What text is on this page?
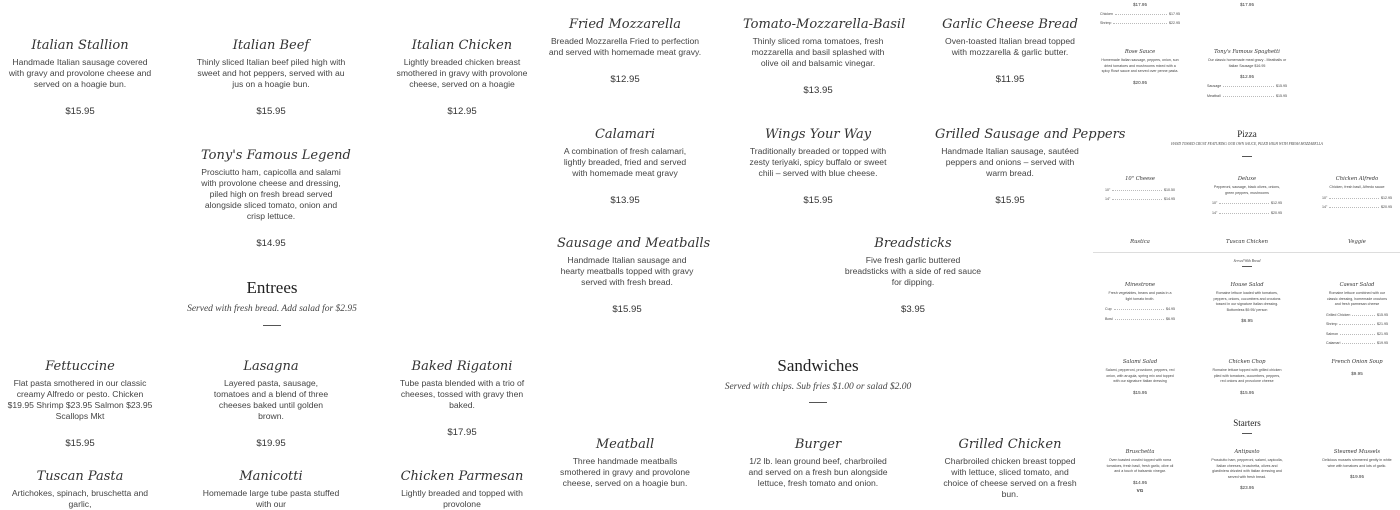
Italian Stallion
Handmade Italian sausage covered with gravy and provolone cheese and served on a hoagie bun.
$15.95
Italian Beef
Thinly sliced Italian beef piled high with sweet and hot peppers, served with au jus on a hoagie bun.
$15.95
Italian Chicken
Lightly breaded chicken breast smothered in gravy with provolone cheese, served on a hoagie
$12.95
Tony's Famous Legend
Prosciutto ham, capicolla and salami with provolone cheese and dressing, piled high on fresh bread served alongside sliced tomato, onion and crisp lettuce.
$14.95
Fettuccine
Flat pasta smothered in our classic creamy Alfredo or pesto. Chicken $19.95 Shrimp $23.95 Salmon $23.95 Scallops Mkt
$15.95
Lasagna
Layered pasta, sausage, tomatoes and a blend of three cheeses baked until golden brown.
$19.95
Baked Rigatoni
Tube pasta blended with a trio of cheeses, tossed with gravy then baked.
$17.95
Tuscan Pasta
Artichokes, spinach, bruschetta and garlic,
Manicotti
Homemade large tube pasta stuffed with our
Chicken Parmesan
Lightly breaded and topped with provolone
Entrees
Served with fresh bread. Add salad for $2.95
Fried Mozzarella
Breaded Mozzarella Fried to perfection and served with homemade meat gravy.
$12.95
Tomato-Mozzarella-Basil
Thinly sliced roma tomatoes, fresh mozzarella and basil splashed with olive oil and balsamic vinegar.
$13.95
Garlic Cheese Bread
Oven-toasted Italian bread topped with mozzarella & garlic butter.
$11.95
Calamari
A combination of fresh calamari, lightly breaded, fried and served with homemade meat gravy
$13.95
Wings Your Way
Traditionally breaded or topped with zesty teriyaki, spicy buffalo or sweet chili – served with blue cheese.
$15.95
Grilled Sausage and Peppers
Handmade Italian sausage, sautéed peppers and onions – served with warm bread.
$15.95
Sausage and Meatballs
Handmade Italian sausage and hearty meatballs topped with gravy served with fresh bread.
$15.95
Breadsticks
Five fresh garlic buttered breadsticks with a side of red sauce for dipping.
$3.95
Meatball
Three handmade meatballs smothered in gravy and provolone cheese, served on a hoagie bun.
Burger
1/2 lb. lean ground beef, charbroiled and served on a fresh bun alongside lettuce, fresh tomato and onion.
Grilled Chicken
Charbroiled chicken breast topped with lettuce, sliced tomato, and choice of cheese served on a fresh bun.
Sandwiches
Served with chips. Sub fries $1.00 or salad $2.00
$17.95
Chicken	$17.95
Shrimp	$22.95
$17.95
Rose Sauce
Homemade Italian sausage, peppers, onion, sun dried tomatoes and mushrooms mixed with a spicy Rosé sauce and served over penne pasta.
$20.95
Tony's Famous Spaghetti
Our classic homemade meat gravy - Meatballs or Italian Sausage $16.95
$12.95
Sausage	$15.95
Meatball	$15.95
10" Cheese
10"	$10.50
14"	$14.95
Deluxe
Pepperoni, sausage, black olives, onions, green peppers, mushrooms
10"	$12.95
14"	$20.95
Chicken Alfredo
Chicken, fresh basil, Alfredo sauce
10"	$12.95
14"	$20.95
Rustica	Tuscan Chicken	Veggie
Minestrone
Fresh vegetables, beans and pasta in a light tomato broth.
Cup	$4.95
Bowl	$6.95
House Salad
Romaine lettuce loaded with tomatoes, peppers, onions, cucumbers and croutons tossed in our signature Italian dressing. Bottomless $9.95/ person
$6.95
Caesar Salad
Romaine lettuce combined with our classic dressing, homemade croutons and fresh parmesan cheese
Grilled Chicken	$15.95
Shrimp	$21.95
Salmon	$21.95
Calamari	$19.95
Salami Salad
Salami, pepperoni, provolone, peppers, red onion, with arugula, spring mix and topped with our signature Italian dressing
$15.95
Chicken Chop
Romaine lettuce topped with grilled chicken piled with tomatoes, cucumbers, peppers, red onions and provolone cheese
$15.95
French Onion Soup
$9.95
Bruschetta
Oven toasted crostini topped with roma tomatoes, fresh basil, fresh garlic, olive oil and a touch of balsamic vinegar.
$14.95
VG
Antipasto
Prosciutto ham, pepperoni, salami, capicolla, Italian cheeses, bruschetta, olives and giardiniera drizzled with Italian dressing and served with fresh bread.
$23.95
Steamed Mussels
Delicious mussels simmered gently in white wine with tomatoes and lots of garlic.
$19.95
Pizza
HAND TOSSED CRUST FEATURING OUR OWN SAUCE, PILED HIGH WITH FRESH MOZZARELLA
Served With Bread
Starters
